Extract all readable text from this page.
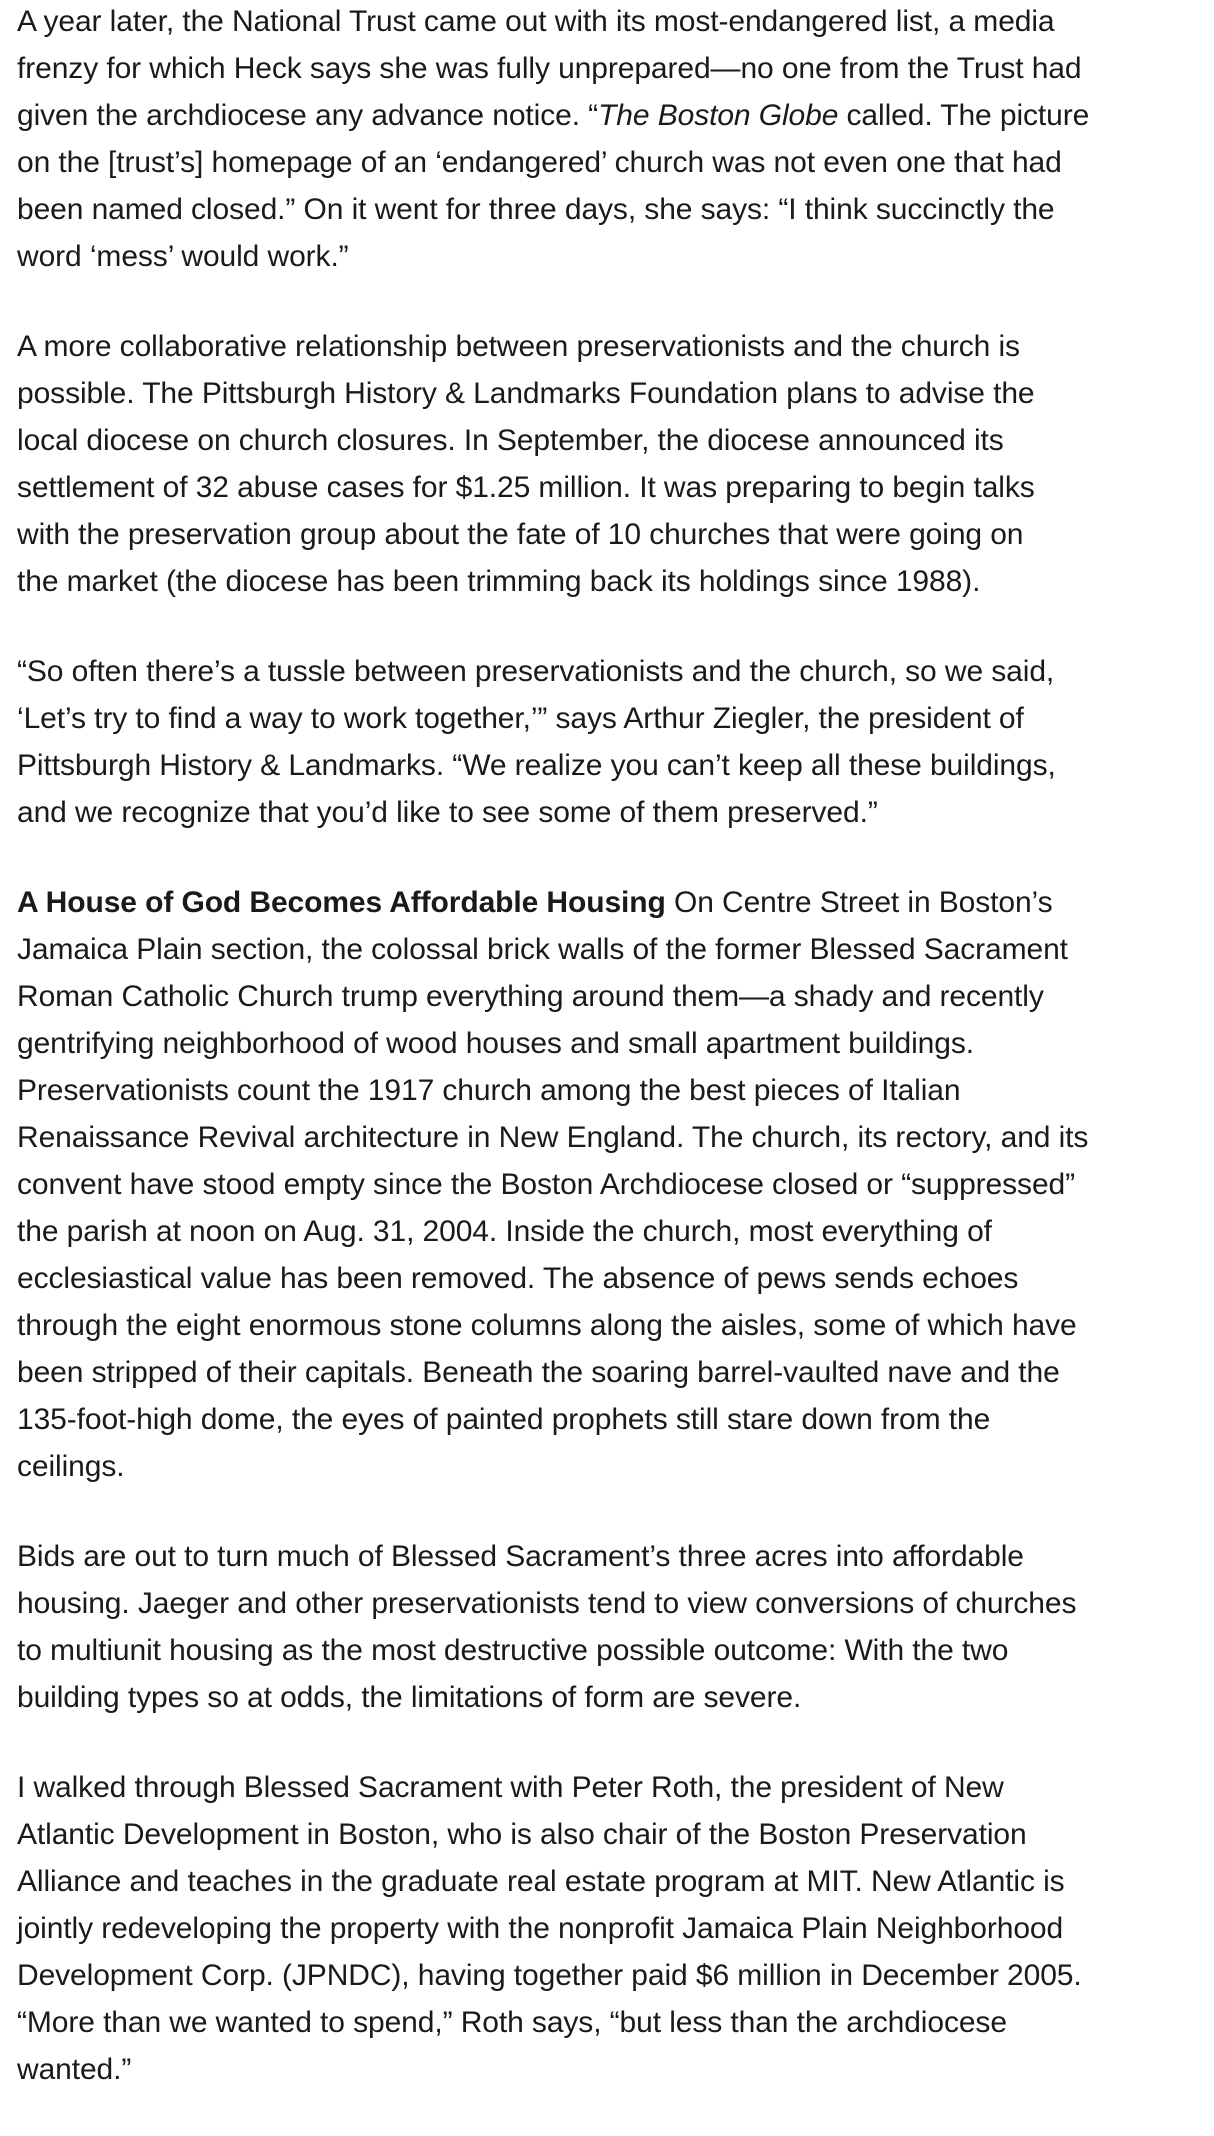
A year later, the National Trust came out with its most-endangered list, a media
frenzy for which Heck says she was fully unprepared—no one from the Trust had
given the archdiocese any advance notice. “The Boston Globe called. The picture
on the [trust’s] homepage of an ‘endangered’ church was not even one that had
been named closed.” On it went for three days, she says: “I think succinctly the
word ‘mess’ would work.”

A more collaborative relationship between preservationists and the church is
possible. The Pittsburgh History & Landmarks Foundation plans to advise the
local diocese on church closures. In September, the diocese announced its
settlement of 32 abuse cases for $1.25 million. It was preparing to begin talks
with the preservation group about the fate of 10 churches that were going on
the market (the diocese has been trimming back its holdings since 1988).

“So often there’s a tussle between preservationists and the church, so we said,
‘Let’s try to find a way to work together,’” says Arthur Ziegler, the president of
Pittsburgh History & Landmarks. “We realize you can’t keep all these buildings,
and we recognize that you’d like to see some of them preserved.”

A House of God Becomes Affordable Housing On Centre Street in Boston’s
Jamaica Plain section, the colossal brick walls of the former Blessed Sacrament
Roman Catholic Church trump everything around them—a shady and recently
gentrifying neighborhood of wood houses and small apartment buildings.
Preservationists count the 1917 church among the best pieces of Italian
Renaissance Revival architecture in New England. The church, its rectory, and its
convent have stood empty since the Boston Archdiocese closed or “suppressed”
the parish at noon on Aug. 31, 2004. Inside the church, most everything of
ecclesiastical value has been removed. The absence of pews sends echoes
through the eight enormous stone columns along the aisles, some of which have
been stripped of their capitals. Beneath the soaring barrel-vaulted nave and the
135-foot-high dome, the eyes of painted prophets still stare down from the
ceilings.

Bids are out to turn much of Blessed Sacrament’s three acres into affordable
housing. Jaeger and other preservationists tend to view conversions of churches
to multiunit housing as the most destructive possible outcome: With the two
building types so at odds, the limitations of form are severe.

I walked through Blessed Sacrament with Peter Roth, the president of New
Atlantic Development in Boston, who is also chair of the Boston Preservation
Alliance and teaches in the graduate real estate program at MIT. New Atlantic is
jointly redeveloping the property with the nonprofit Jamaica Plain Neighborhood
Development Corp. (JPNDC), having together paid $6 million in December 2005.
“More than we wanted to spend,” Roth says, “but less than the archdiocese
wanted.”
